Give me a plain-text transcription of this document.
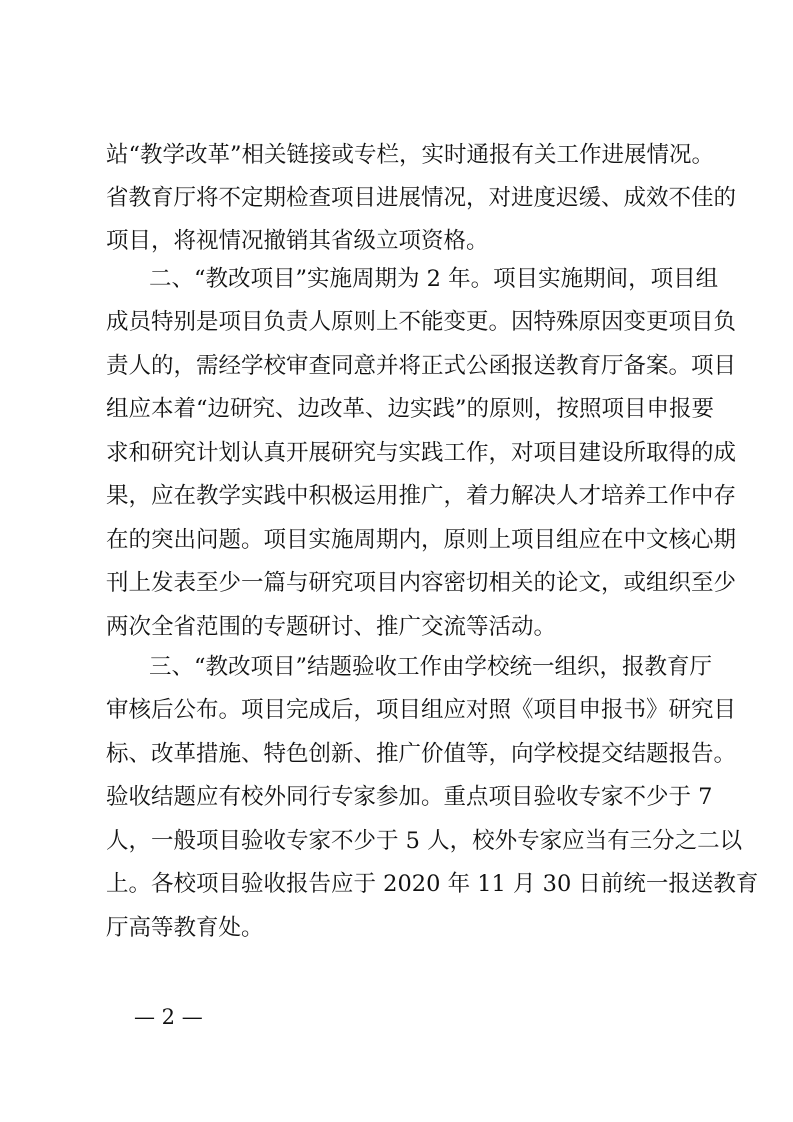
站“教学改革”相关链接或专栏，实时通报有关工作进展情况。
省教育厅将不定期检查项目进展情况，对进度迟缓、成效不佳的
项目，将视情况撤销其省级立项资格。
二、“教改项目”实施周期为 2 年。项目实施期间，项目组
成员特别是项目负责人原则上不能变更。因特殊原因变更项目负
责人的，需经学校审查同意并将正式公函报送教育厅备案。项目
组应本着“边研究、边改革、边实践”的原则，按照项目申报要
求和研究计划认真开展研究与实践工作，对项目建设所取得的成
果，应在教学实践中积极运用推广，着力解决人才培养工作中存
在的突出问题。项目实施周期内，原则上项目组应在中文核心期
刊上发表至少一篇与研究项目内容密切相关的论文，或组织至少
两次全省范围的专题研讨、推广交流等活动。
三、“教改项目”结题验收工作由学校统一组织，报教育厅
审核后公布。项目完成后，项目组应对照《项目申报书》研究目
标、改革措施、特色创新、推广价值等，向学校提交结题报告。
验收结题应有校外同行专家参加。重点项目验收专家不少于 7
人，一般项目验收专家不少于 5 人，校外专家应当有三分之二以
上。各校项目验收报告应于 2020 年 11 月 30 日前统一报送教育
厅高等教育处。
— 2 —
